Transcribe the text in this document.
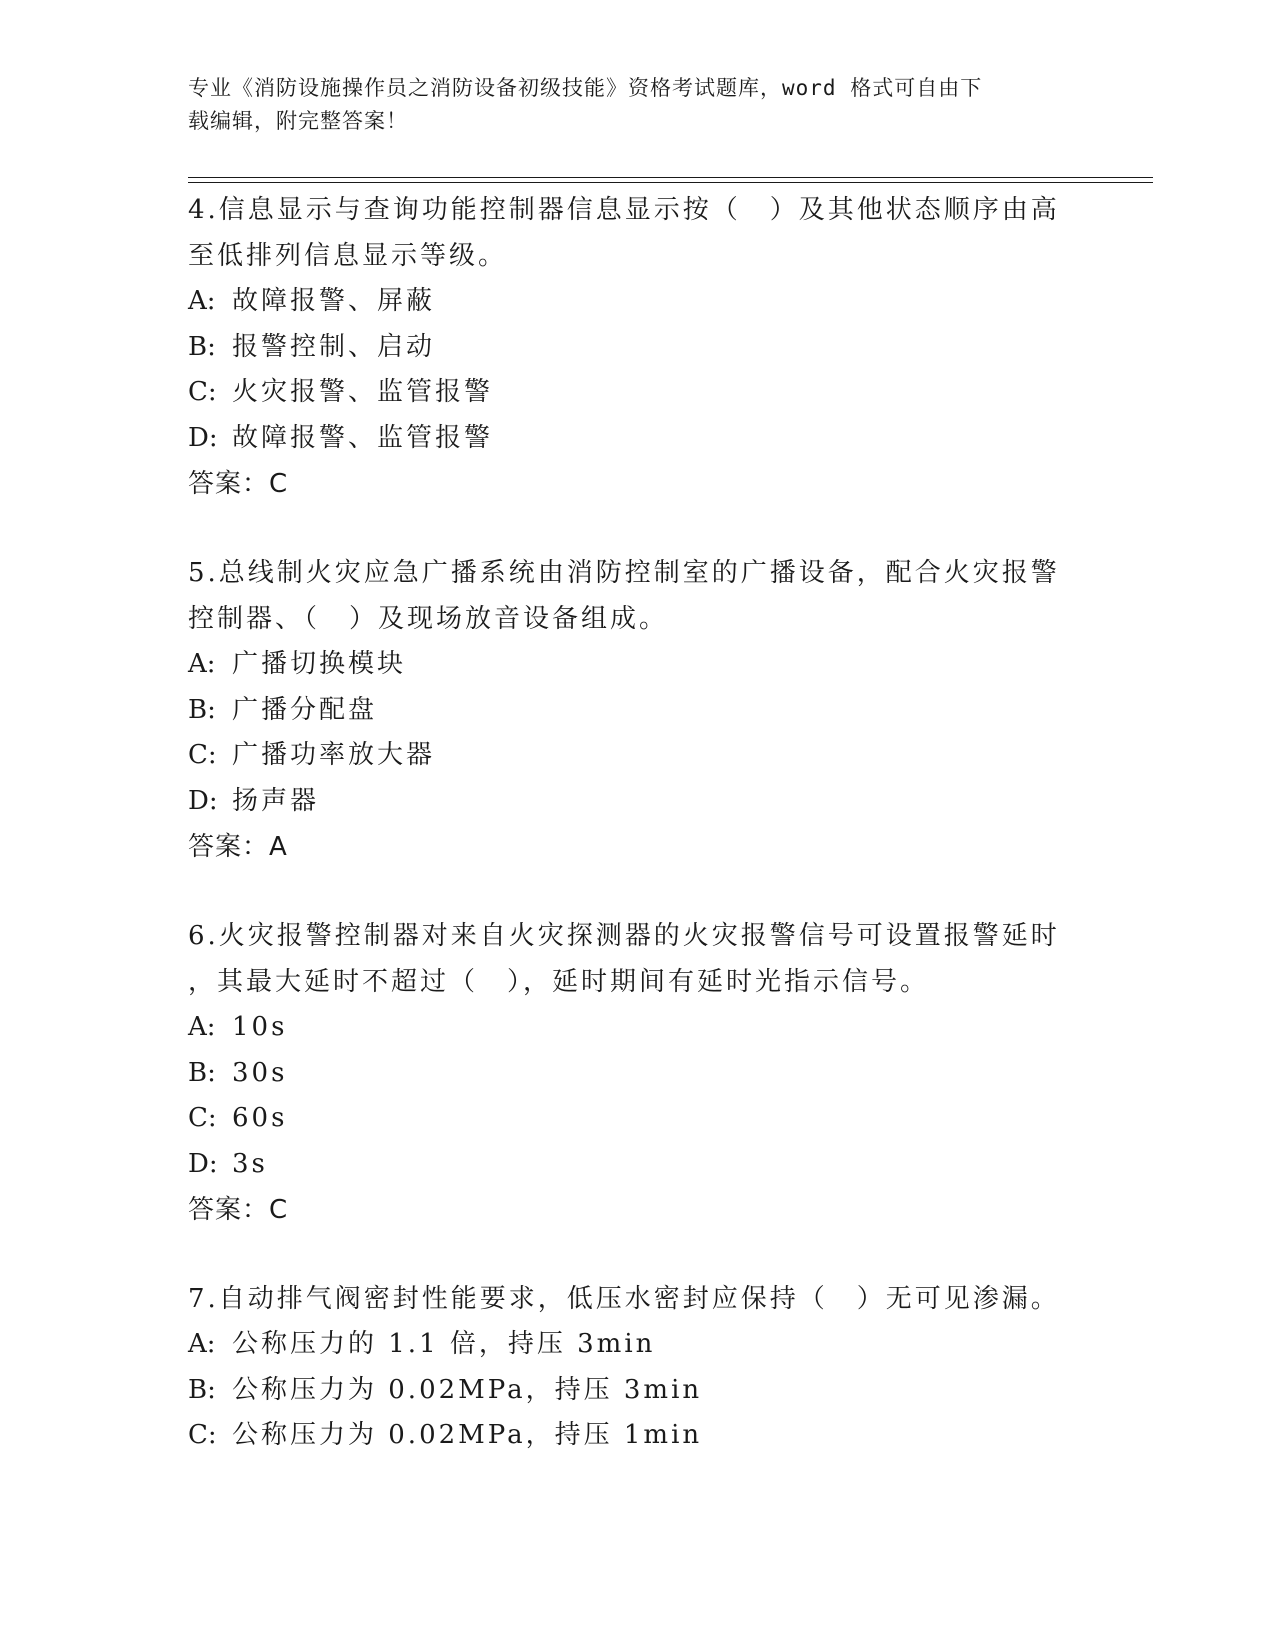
专业《消防设施操作员之消防设备初级技能》资格考试题库，word 格式可自由下
载编辑，附完整答案！

4.信息显示与查询功能控制器信息显示按（　）及其他状态顺序由高

至低排列信息显示等级。

A: 故障报警、屏蔽

B: 报警控制、启动

C: 火灾报警、监管报警

D: 故障报警、监管报警

答案：C

5.总线制火灾应急广播系统由消防控制室的广播设备，配合火灾报警

控制器、（　）及现场放音设备组成。

A: 广播切换模块

B: 广播分配盘

C: 广播功率放大器

D: 扬声器

答案：A

6.火灾报警控制器对来自火灾探测器的火灾报警信号可设置报警延时

，其最大延时不超过（　），延时期间有延时光指示信号。

A: 10s

B: 30s

C: 60s

D: 3s

答案：C

7.自动排气阀密封性能要求，低压水密封应保持（　）无可见渗漏。

A: 公称压力的 1.1 倍，持压 3min

B: 公称压力为 0.02MPa，持压 3min

C: 公称压力为 0.02MPa，持压 1min
